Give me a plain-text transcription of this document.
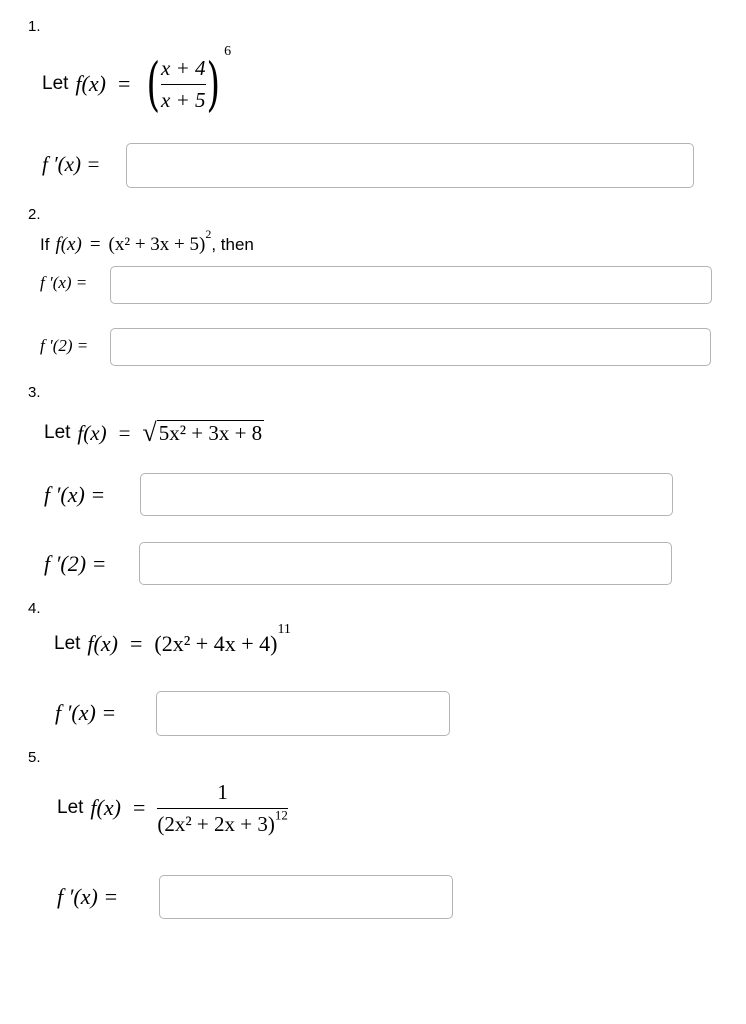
1.
Let f(x) = ( $\frac{x + 4}{x + 5}$ ) 6
f ′(x) =
2.
If f(x) = (x² + 3x + 5) 2
, then
f ′(x) =
f ′(2) =
3.
Let f(x) = √ 5x² + 3x + 8
f ′(x) =
f ′(2) =
4.
Let f(x) = (2x² + 4x + 4)
11
f ′(x) =
5.
Let $f(x) = \frac{1}{(2x^2 + 2x + 3)^{12}}$
f ′(x) =
